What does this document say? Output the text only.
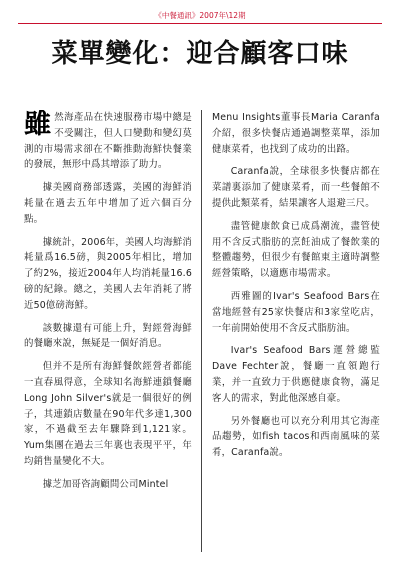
《中餐通訊》2007年\12期
菜單變化：迎合顧客口味

雖然海產品在快速服務市場中總是不受關注，但人口變動和變幻莫測的市場需求卻在不斷推動海鮮快餐業的發展，無形中爲其增添了助力。

據美國商務部透露，美國的海鮮消耗量在過去五年中增加了近六個百分點。

據統計，2006年，美國人均海鮮消耗量爲16.5磅，與2005年相比，增加了約2%，接近2004年人均消耗量16.6磅的紀錄。總之，美國人去年消耗了將近50億磅海鮮。

該數據還有可能上升，對經營海鮮的餐廳來說，無疑是一個好消息。

但并不是所有海鮮餐飲經營者都能一直春風得意，全球知名海鮮連鎖餐廳Long John Silver's就是一個很好的例子，其連鎖店數量在90年代多達1,300家，不過截至去年驟降到1,121家。Yum集團在過去三年裏也表現平平，年均銷售量變化不大。

據芝加哥咨詢顧問公司Mintel

Menu Insights董事長Maria Caranfa介紹，很多快餐店通過調整菜單，添加健康菜肴，也找到了成功的出路。

Caranfa說，全球很多快餐店都在菜譜裏添加了健康菜肴，而一些餐館不提供此類菜肴，結果讓客人退避三尺。

盡管健康飲食已成爲潮流，盡管使用不含反式脂肪的烹飪油成了餐飲業的整體趨勢，但很少有餐館東主適時調整經營策略，以適應市場需求。

西雅圖的Ivar's Seafood Bars在當地經營有25家快餐店和3家堂吃店，一年前開始使用不含反式脂肪油。

Ivar's Seafood Bars運營總監Dave Fechter說，餐廳一直領跑行業，并一直致力于供應健康食物，滿足客人的需求，對此他深感自豪。

另外餐廳也可以充分利用其它海產品趨勢，如fish tacos和西南風味的菜肴，Caranfa說。
